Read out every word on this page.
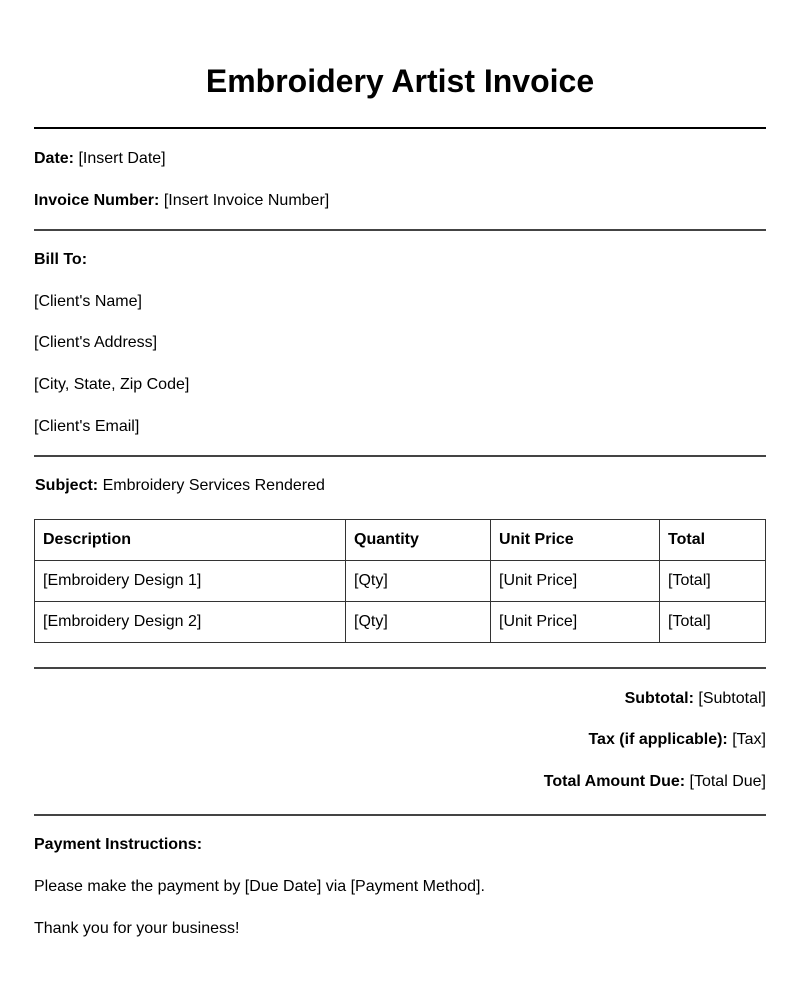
Embroidery Artist Invoice
Date: [Insert Date]
Invoice Number: [Insert Invoice Number]
Bill To:
[Client's Name]
[Client's Address]
[City, State, Zip Code]
[Client's Email]
Subject: Embroidery Services Rendered
Description	Quantity	Unit Price	Total
[Embroidery Design 1]	[Qty]	[Unit Price]	[Total]
[Embroidery Design 2]	[Qty]	[Unit Price]	[Total]
Subtotal: [Subtotal]
Tax (if applicable): [Tax]
Total Amount Due: [Total Due]
Payment Instructions:
Please make the payment by [Due Date] via [Payment Method].
Thank you for your business!
